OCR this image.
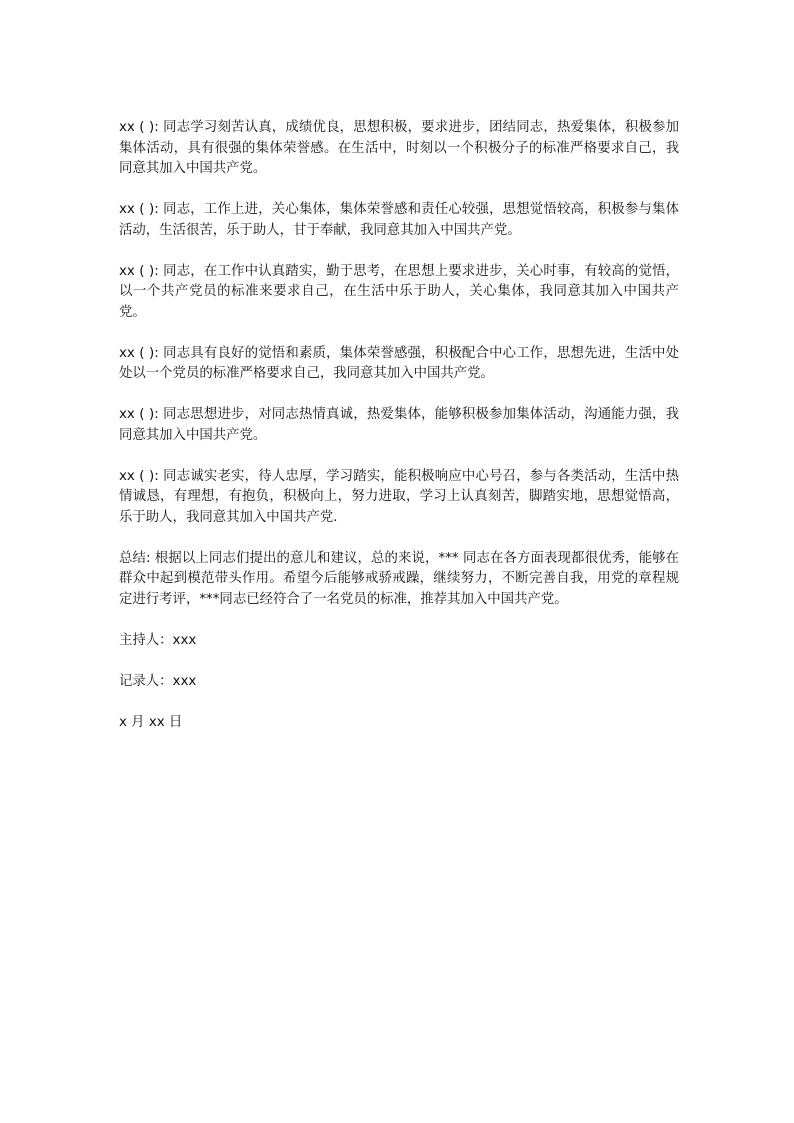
xx ( ): 同志学习刻苦认真，成绩优良，思想积极，要求进步，团结同志，热爱集体，积极参加集体活动，具有很强的集体荣誉感。在生活中，时刻以一个积极分子的标准严格要求自己，我同意其加入中国共产党。

xx ( ): 同志，工作上进，关心集体，集体荣誉感和责任心较强，思想觉悟较高，积极参与集体活动，生活很苦，乐于助人，甘于奉献，我同意其加入中国共产党。

xx ( ): 同志，在工作中认真踏实，勤于思考，在思想上要求进步，关心时事，有较高的觉悟，以一个共产党员的标准来要求自己，在生活中乐于助人，关心集体，我同意其加入中国共产党。

xx ( ): 同志具有良好的觉悟和素质，集体荣誉感强，积极配合中心工作，思想先进，生活中处处以一个党员的标准严格要求自己，我同意其加入中国共产党。

xx ( ): 同志思想进步，对同志热情真诚，热爱集体，能够积极参加集体活动，沟通能力强，我同意其加入中国共产党。

xx ( ): 同志诚实老实，待人忠厚，学习踏实，能积极响应中心号召，参与各类活动，生活中热情诚恳，有理想，有抱负，积极向上，努力进取，学习上认真刻苦，脚踏实地，思想觉悟高，乐于助人，我同意其加入中国共产党.

总结: 根据以上同志们提出的意儿和建议，总的来说，*** 同志在各方面表现都很优秀，能够在群众中起到模范带头作用。希望今后能够戒骄戒躁，继续努力，不断完善自我，用党的章程规定进行考评，***同志已经符合了一名党员的标准，推荐其加入中国共产党。

主持人：xxx

记录人：xxx

x 月 xx 日
